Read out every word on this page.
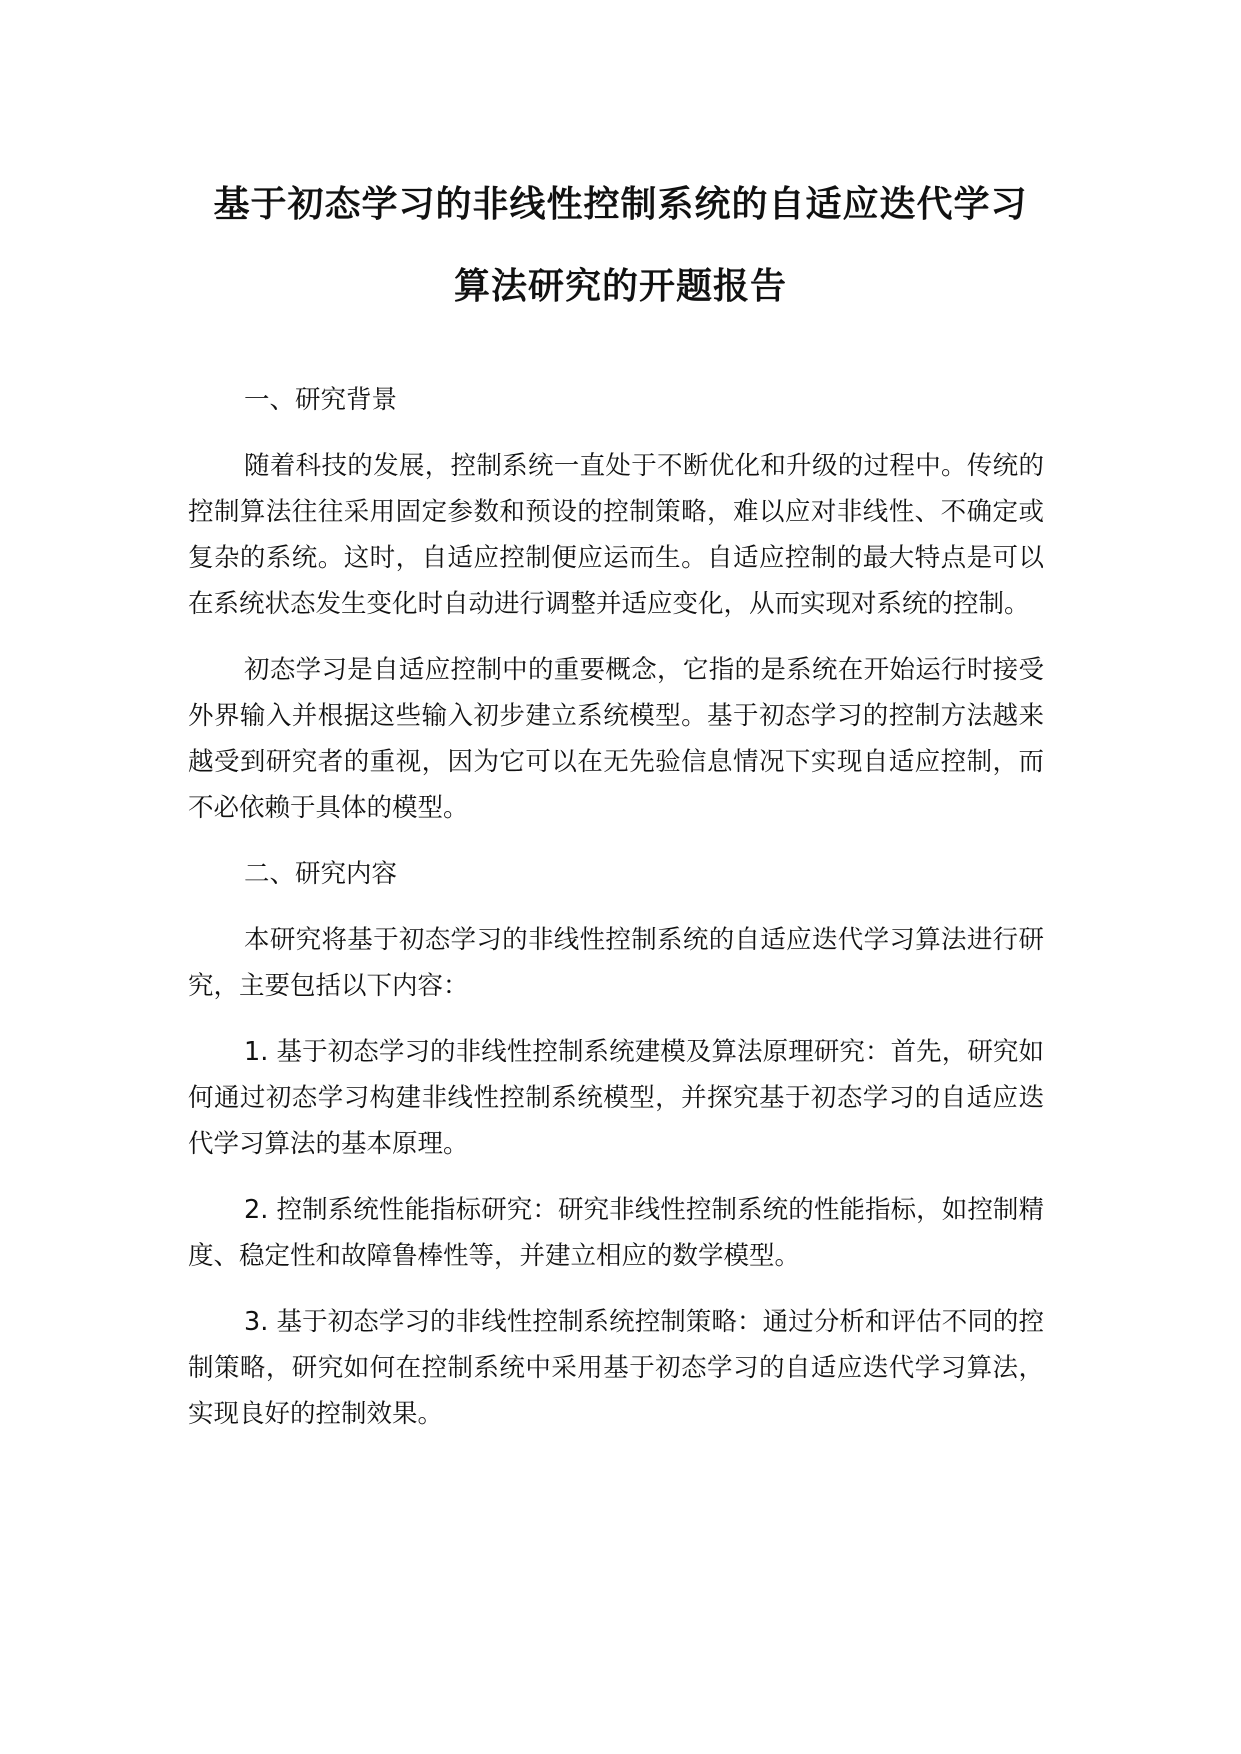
基于初态学习的非线性控制系统的自适应迭代学习
算法研究的开题报告
一、研究背景

随着科技的发展，控制系统一直处于不断优化和升级的过程中。传统的控制算法往往采用固定参数和预设的控制策略，难以应对非线性、不确定或复杂的系统。这时，自适应控制便应运而生。自适应控制的最大特点是可以在系统状态发生变化时自动进行调整并适应变化，从而实现对系统的控制。

初态学习是自适应控制中的重要概念，它指的是系统在开始运行时接受外界输入并根据这些输入初步建立系统模型。基于初态学习的控制方法越来越受到研究者的重视，因为它可以在无先验信息情况下实现自适应控制，而不必依赖于具体的模型。

二、研究内容

本研究将基于初态学习的非线性控制系统的自适应迭代学习算法进行研究，主要包括以下内容：

1. 基于初态学习的非线性控制系统建模及算法原理研究：首先，研究如何通过初态学习构建非线性控制系统模型，并探究基于初态学习的自适应迭代学习算法的基本原理。

2. 控制系统性能指标研究：研究非线性控制系统的性能指标，如控制精度、稳定性和故障鲁棒性等，并建立相应的数学模型。

3. 基于初态学习的非线性控制系统控制策略：通过分析和评估不同的控制策略，研究如何在控制系统中采用基于初态学习的自适应迭代学习算法，实现良好的控制效果。
